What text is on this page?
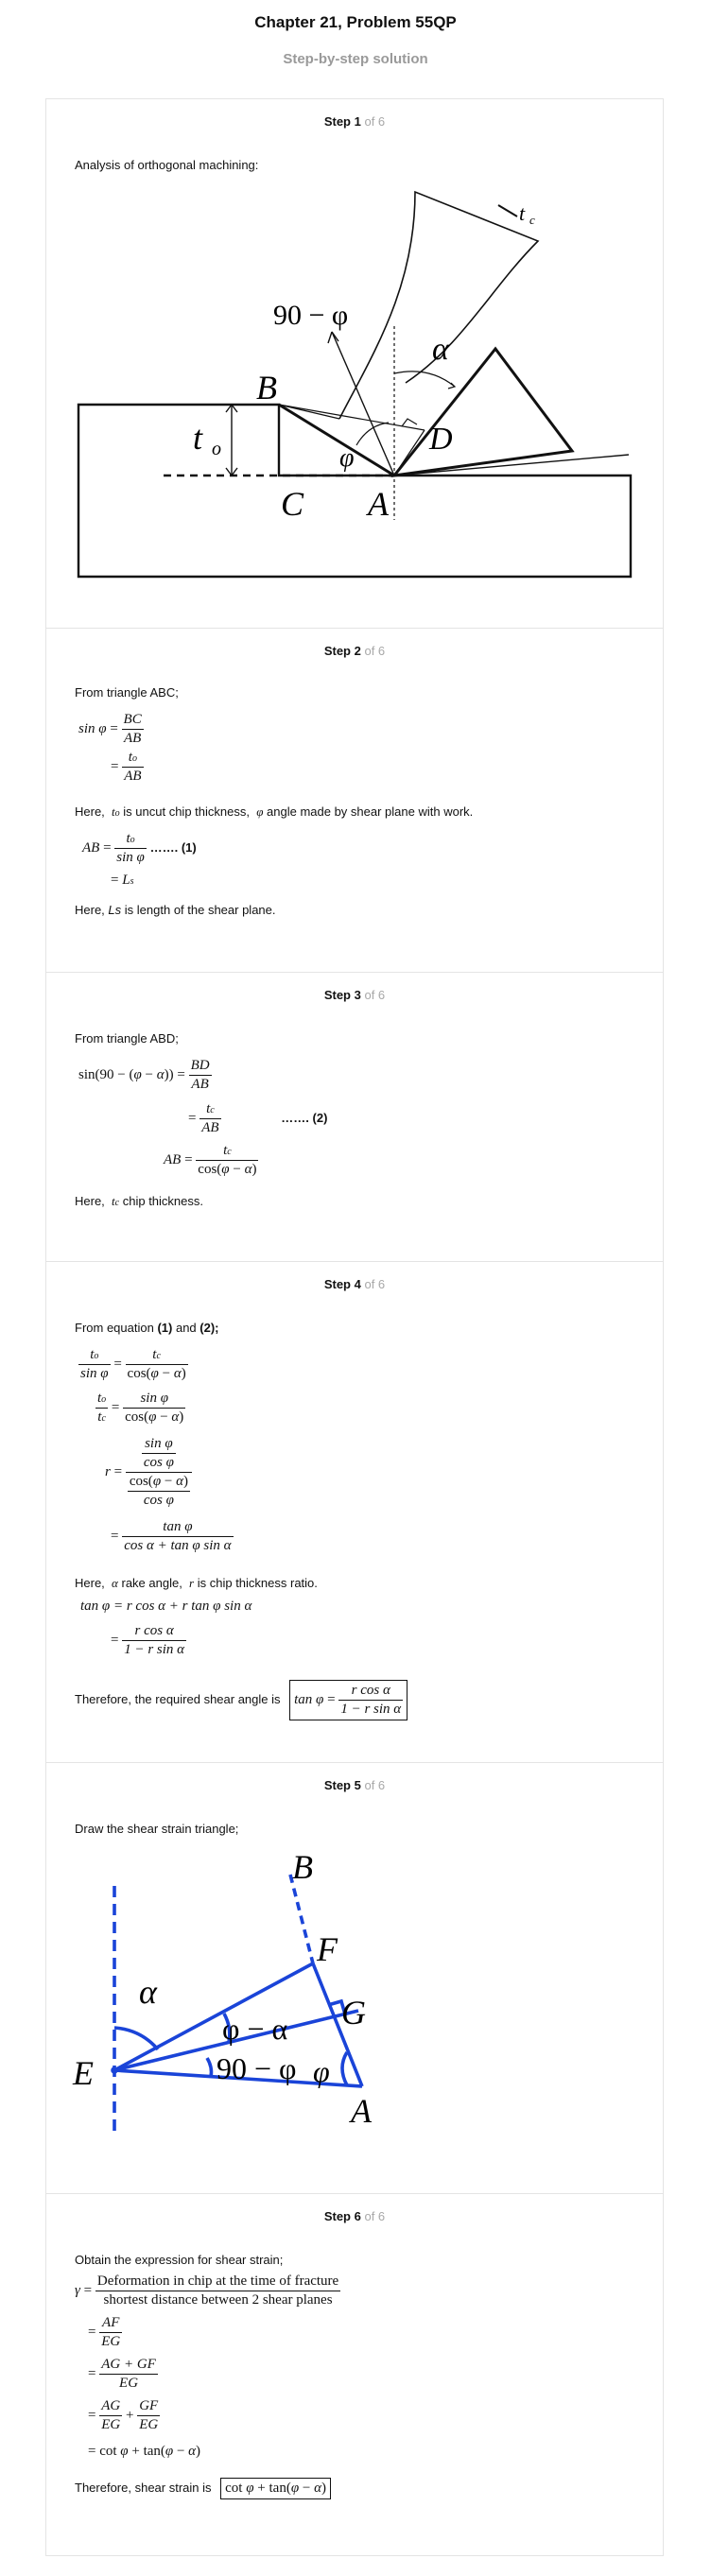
Chapter 21, Problem 55QP
Step-by-step solution
Step 1 of 6
Analysis of orthogonal machining:
t c
90 − φ
α
B
t o	φ
D
C A
Step 2 of 6
From triangle ABC;
$\sin \varphi = \frac{BC}{AB}$
= $\frac{to}{AB}$
Here, to is uncut chip thickness, φ angle made by shear plane with work.
AB = $\frac{to}{\text{sin φ}}$ ……. (1)
= Ls
Here, Ls is length of the shear plane.
Step 3 of 6
From triangle ABD;
$\sin(90 - (\varphi - \alpha)) = \frac{BD}{AB}$
= $\frac{tc}{AB}$	……. (2)
AB = $\frac{tc}{\cos(\varphi - \alpha)}$
Here, tc chip thickness.
Step 4 of 6
From equation (1) and (2);
$\frac{to}{\text{sin φ}} = \frac{tc}{\cos(\varphi - \alpha)}$
$\frac{to}{tc} = \frac{\text{sin φ}}{\cos(\varphi - \alpha)}$
$r = \frac{\frac{\text{sin φ}}{\text{cos φ}}}{\frac{\cos(\varphi - \alpha)}{\text{cos φ}}}$
= $\frac{\text{tan φ}}{\text{cos α + tan φ sin α}}$
Here, α rake angle, r is chip thickness ratio.
tan φ = r cos α + r tan φ sin α
= $\frac{\text{r cos α}}{\text{1 − r sin α}}$
Therefore, the required shear angle is $\tan \varphi = \frac{\text{r cos α}}{\text{1 − r sin α}}$
Step 5 of 6
Draw the shear strain triangle;
B
F
α
φ − α G
E	90 − φ φ
A
Step 6 of 6
Obtain the expression for shear strain;
$\gamma = \frac{\text{Deformation in chip at the time of fracture}}{\text{shortest distance between 2 shear planes}}$
= $\frac{AF}{EG}$
= $\frac{AG + GF}{EG}$
= $\frac{AG}{EG} + \frac{GF}{EG}$
= cot φ + tan(φ − α)
Therefore, shear strain is cot φ + tan(φ − α)
